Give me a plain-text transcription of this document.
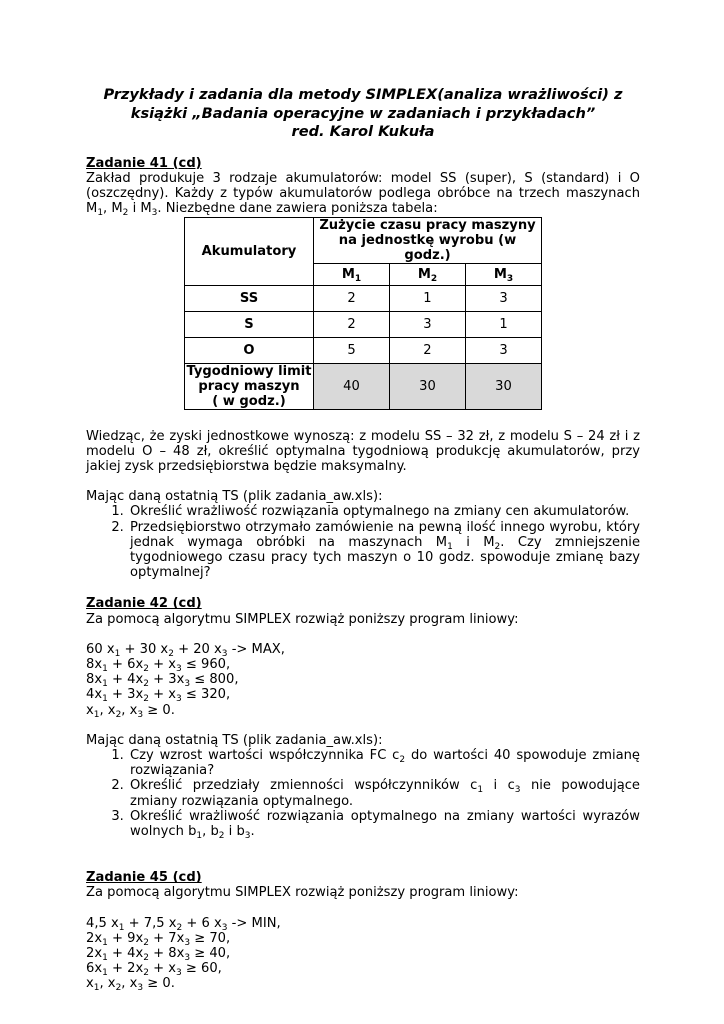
Przykłady i zadania dla metody SIMPLEX(analiza wrażliwości) z
książki „Badania operacyjne w zadaniach i przykładach”
red. Karol Kukuła

Zadanie 41 (cd)

Zakład produkuje 3 rodzaje akumulatorów: model SS (super), S (standard) i O (oszczędny). Każdy z typów akumulatorów podlega obróbce na trzech maszynach $M_1$, $M_2$ i $M_3$. Niezbędne dane zawiera poniższa tabela:

Akumulatory	Zużycie czasu pracy maszyny na jednostkę wyrobu (w godz.)		
	$M_1$	$M_2$	$M_3$
SS	2	1	3
S	2	3	1
O	5	2	3

Tygodniowy limit
pracy maszyn
( w godz.)	40	30	30

Wiedząc, że zyski jednostkowe wynoszą: z modelu SS – 32 zł, z modelu S – 24 zł i z modelu O – 48 zł, określić optymalna tygodniową produkcję akumulatorów, przy jakiej zysk przedsiębiorstwa będzie maksymalny.

Mając daną ostatnią TS (plik zadania_aw.xls):

1. Określić wrażliwość rozwiązania optymalnego na zmiany cen akumulatorów.
2. Przedsiębiorstwo otrzymało zamówienie na pewną ilość innego wyrobu, który jednak wymaga obróbki na maszynach $M_1$ i $M_2$. Czy zmniejszenie tygodniowego czasu pracy tych maszyn o 10 godz. spowoduje zmianę bazy optymalnej?

Zadanie 42 (cd)

Za pomocą algorytmu SIMPLEX rozwiąż poniższy program liniowy:

60 $x_1 + 30$ $x_2 + 20$ $x_3$ -> MAX,

$8x_1 + 6x_2 + x_3 \le 960$,

$8x_1 + 4x_2 + 3x_3 \le 800$,

$4x_1 + 3x_2 + x_3 \le 320$,

$x_1$, $x_2$, $x_3 \ge 0$.

Mając daną ostatnią TS (plik zadania_aw.xls):

1. Czy wzrost wartości współczynnika FC $c_2$ do wartości 40 spowoduje zmianę rozwiązania?
2. Określić przedziały zmienności współczynników $c_1$ i $c_3$ nie powodujące zmiany rozwiązania optymalnego.
3. Określić wrażliwość rozwiązania optymalnego na zmiany wartości wyrazów wolnych $b_1$, $b_2$ i $b_3$.

Zadanie 45 (cd)

Za pomocą algorytmu SIMPLEX rozwiąż poniższy program liniowy:

4,5 $x_1 + 7,5$ $x_2 + 6$ $x_3$ -> MIN,

$2x_1 + 9x_2 + 7x_3 \ge 70$,

$2x_1 + 4x_2 + 8x_3 \ge 40$,

$6x_1 + 2x_2 + x_3 \ge 60$,

$x_1$, $x_2$, $x_3 \ge 0$.
